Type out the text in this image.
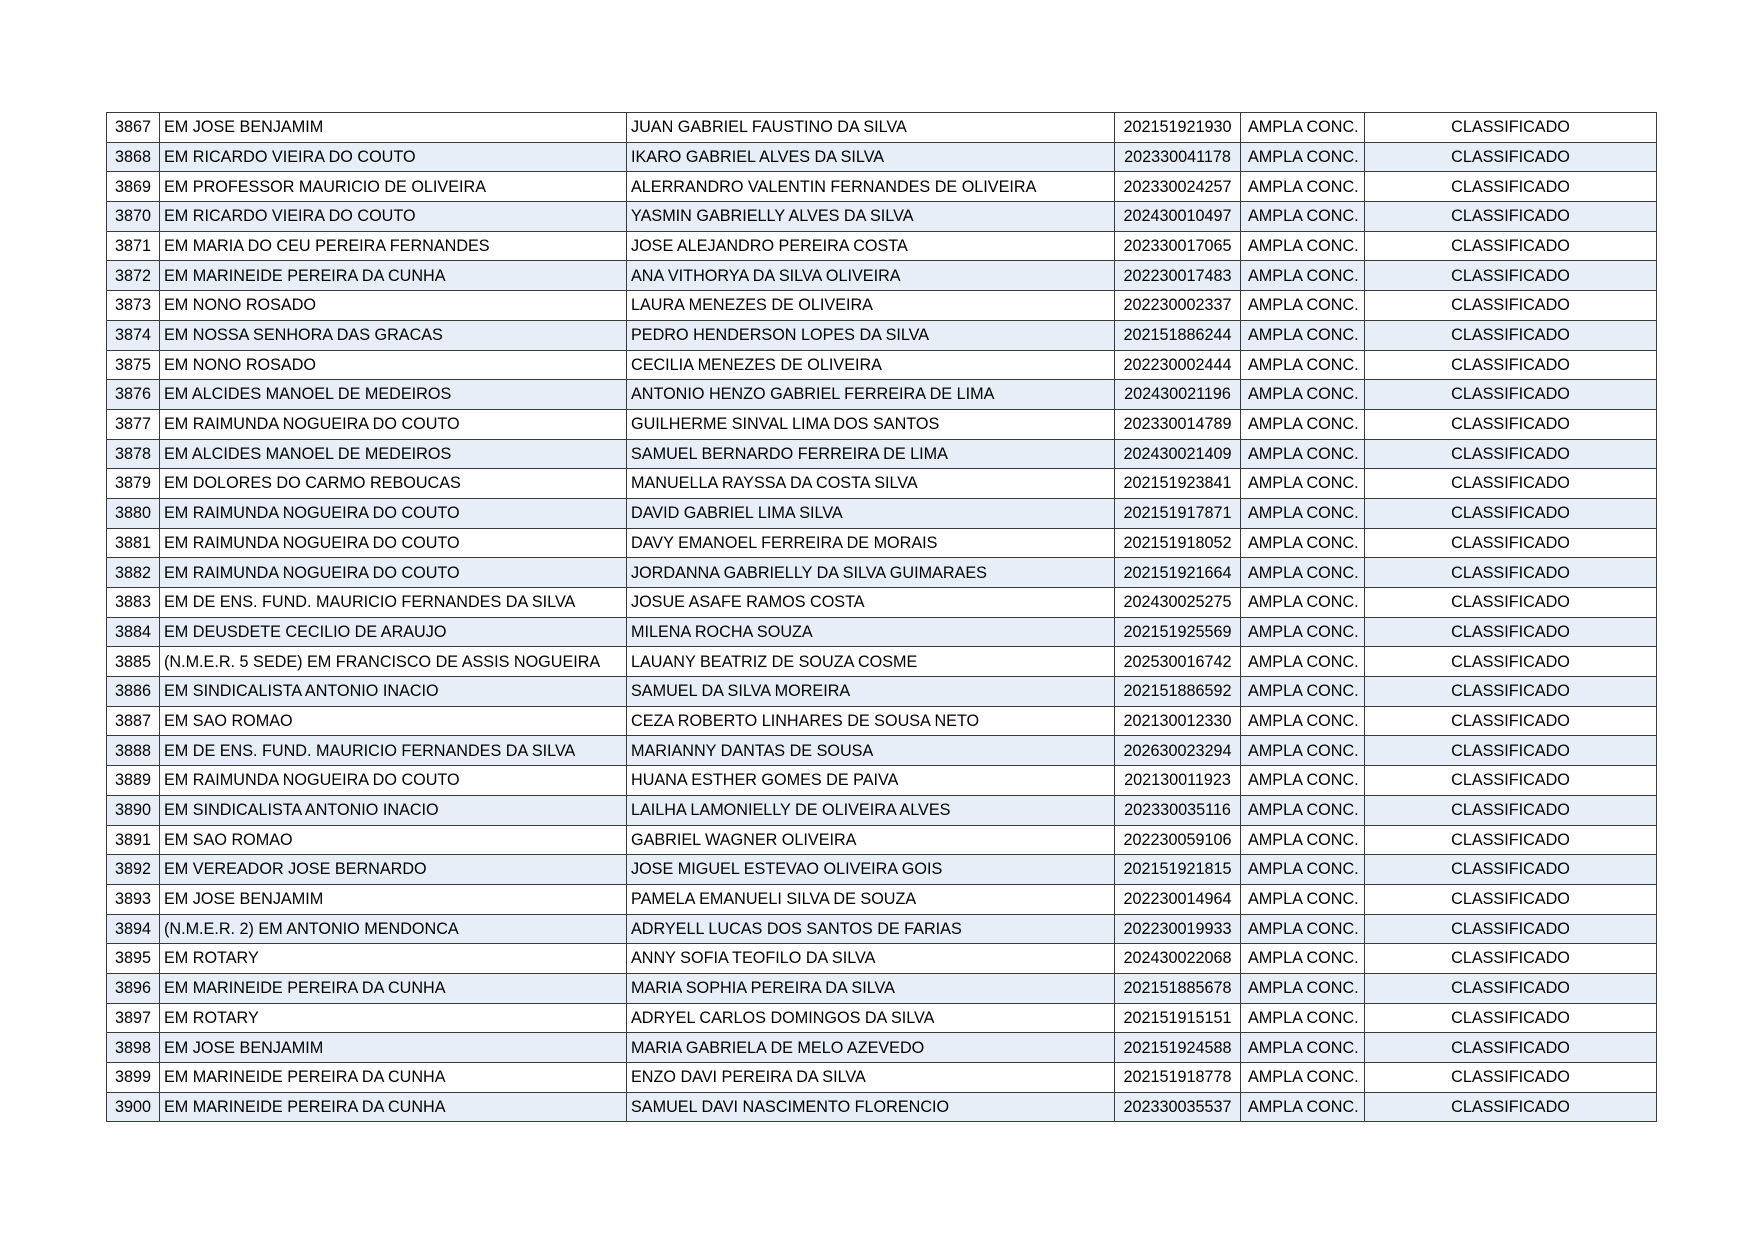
3867	EM JOSE BENJAMIM	JUAN GABRIEL FAUSTINO DA SILVA	202151921930	AMPLA CONC.	CLASSIFICADO
3868	EM RICARDO VIEIRA DO COUTO	IKARO GABRIEL ALVES DA SILVA	202330041178	AMPLA CONC.	CLASSIFICADO
3869	EM PROFESSOR MAURICIO DE OLIVEIRA	ALERRANDRO VALENTIN FERNANDES DE OLIVEIRA	202330024257	AMPLA CONC.	CLASSIFICADO
3870	EM RICARDO VIEIRA DO COUTO	YASMIN GABRIELLY ALVES DA SILVA	202430010497	AMPLA CONC.	CLASSIFICADO
3871	EM MARIA DO CEU PEREIRA FERNANDES	JOSE ALEJANDRO PEREIRA COSTA	202330017065	AMPLA CONC.	CLASSIFICADO
3872	EM MARINEIDE PEREIRA DA CUNHA	ANA VITHORYA DA SILVA OLIVEIRA	202230017483	AMPLA CONC.	CLASSIFICADO
3873	EM NONO ROSADO	LAURA MENEZES DE OLIVEIRA	202230002337	AMPLA CONC.	CLASSIFICADO
3874	EM NOSSA SENHORA DAS GRACAS	PEDRO HENDERSON LOPES DA SILVA	202151886244	AMPLA CONC.	CLASSIFICADO
3875	EM NONO ROSADO	CECILIA MENEZES DE OLIVEIRA	202230002444	AMPLA CONC.	CLASSIFICADO
3876	EM ALCIDES MANOEL DE MEDEIROS	ANTONIO HENZO GABRIEL FERREIRA DE LIMA	202430021196	AMPLA CONC.	CLASSIFICADO
3877	EM RAIMUNDA NOGUEIRA DO COUTO	GUILHERME SINVAL LIMA DOS SANTOS	202330014789	AMPLA CONC.	CLASSIFICADO
3878	EM ALCIDES MANOEL DE MEDEIROS	SAMUEL BERNARDO FERREIRA DE LIMA	202430021409	AMPLA CONC.	CLASSIFICADO
3879	EM DOLORES DO CARMO REBOUCAS	MANUELLA RAYSSA DA COSTA SILVA	202151923841	AMPLA CONC.	CLASSIFICADO
3880	EM RAIMUNDA NOGUEIRA DO COUTO	DAVID GABRIEL LIMA SILVA	202151917871	AMPLA CONC.	CLASSIFICADO
3881	EM RAIMUNDA NOGUEIRA DO COUTO	DAVY EMANOEL FERREIRA DE MORAIS	202151918052	AMPLA CONC.	CLASSIFICADO
3882	EM RAIMUNDA NOGUEIRA DO COUTO	JORDANNA GABRIELLY DA SILVA GUIMARAES	202151921664	AMPLA CONC.	CLASSIFICADO
3883	EM DE ENS. FUND. MAURICIO FERNANDES DA SILVA	JOSUE ASAFE RAMOS COSTA	202430025275	AMPLA CONC.	CLASSIFICADO
3884	EM DEUSDETE CECILIO DE ARAUJO	MILENA ROCHA SOUZA	202151925569	AMPLA CONC.	CLASSIFICADO
3885	(N.M.E.R. 5 SEDE) EM FRANCISCO DE ASSIS NOGUEIRA	LAUANY BEATRIZ DE SOUZA COSME	202530016742	AMPLA CONC.	CLASSIFICADO
3886	EM SINDICALISTA ANTONIO INACIO	SAMUEL DA SILVA MOREIRA	202151886592	AMPLA CONC.	CLASSIFICADO
3887	EM SAO ROMAO	CEZA ROBERTO LINHARES DE SOUSA NETO	202130012330	AMPLA CONC.	CLASSIFICADO
3888	EM DE ENS. FUND. MAURICIO FERNANDES DA SILVA	MARIANNY DANTAS DE SOUSA	202630023294	AMPLA CONC.	CLASSIFICADO
3889	EM RAIMUNDA NOGUEIRA DO COUTO	HUANA ESTHER GOMES DE PAIVA	202130011923	AMPLA CONC.	CLASSIFICADO
3890	EM SINDICALISTA ANTONIO INACIO	LAILHA LAMONIELLY DE OLIVEIRA ALVES	202330035116	AMPLA CONC.	CLASSIFICADO
3891	EM SAO ROMAO	GABRIEL WAGNER OLIVEIRA	202230059106	AMPLA CONC.	CLASSIFICADO
3892	EM VEREADOR JOSE BERNARDO	JOSE MIGUEL ESTEVAO OLIVEIRA GOIS	202151921815	AMPLA CONC.	CLASSIFICADO
3893	EM JOSE BENJAMIM	PAMELA EMANUELI SILVA DE SOUZA	202230014964	AMPLA CONC.	CLASSIFICADO
3894	(N.M.E.R. 2) EM ANTONIO MENDONCA	ADRYELL LUCAS DOS SANTOS DE FARIAS	202230019933	AMPLA CONC.	CLASSIFICADO
3895	EM ROTARY	ANNY SOFIA TEOFILO DA SILVA	202430022068	AMPLA CONC.	CLASSIFICADO
3896	EM MARINEIDE PEREIRA DA CUNHA	MARIA SOPHIA PEREIRA DA SILVA	202151885678	AMPLA CONC.	CLASSIFICADO
3897	EM ROTARY	ADRYEL CARLOS DOMINGOS DA SILVA	202151915151	AMPLA CONC.	CLASSIFICADO
3898	EM JOSE BENJAMIM	MARIA GABRIELA DE MELO AZEVEDO	202151924588	AMPLA CONC.	CLASSIFICADO
3899	EM MARINEIDE PEREIRA DA CUNHA	ENZO DAVI PEREIRA DA SILVA	202151918778	AMPLA CONC.	CLASSIFICADO
3900	EM MARINEIDE PEREIRA DA CUNHA	SAMUEL DAVI NASCIMENTO FLORENCIO	202330035537	AMPLA CONC.	CLASSIFICADO
